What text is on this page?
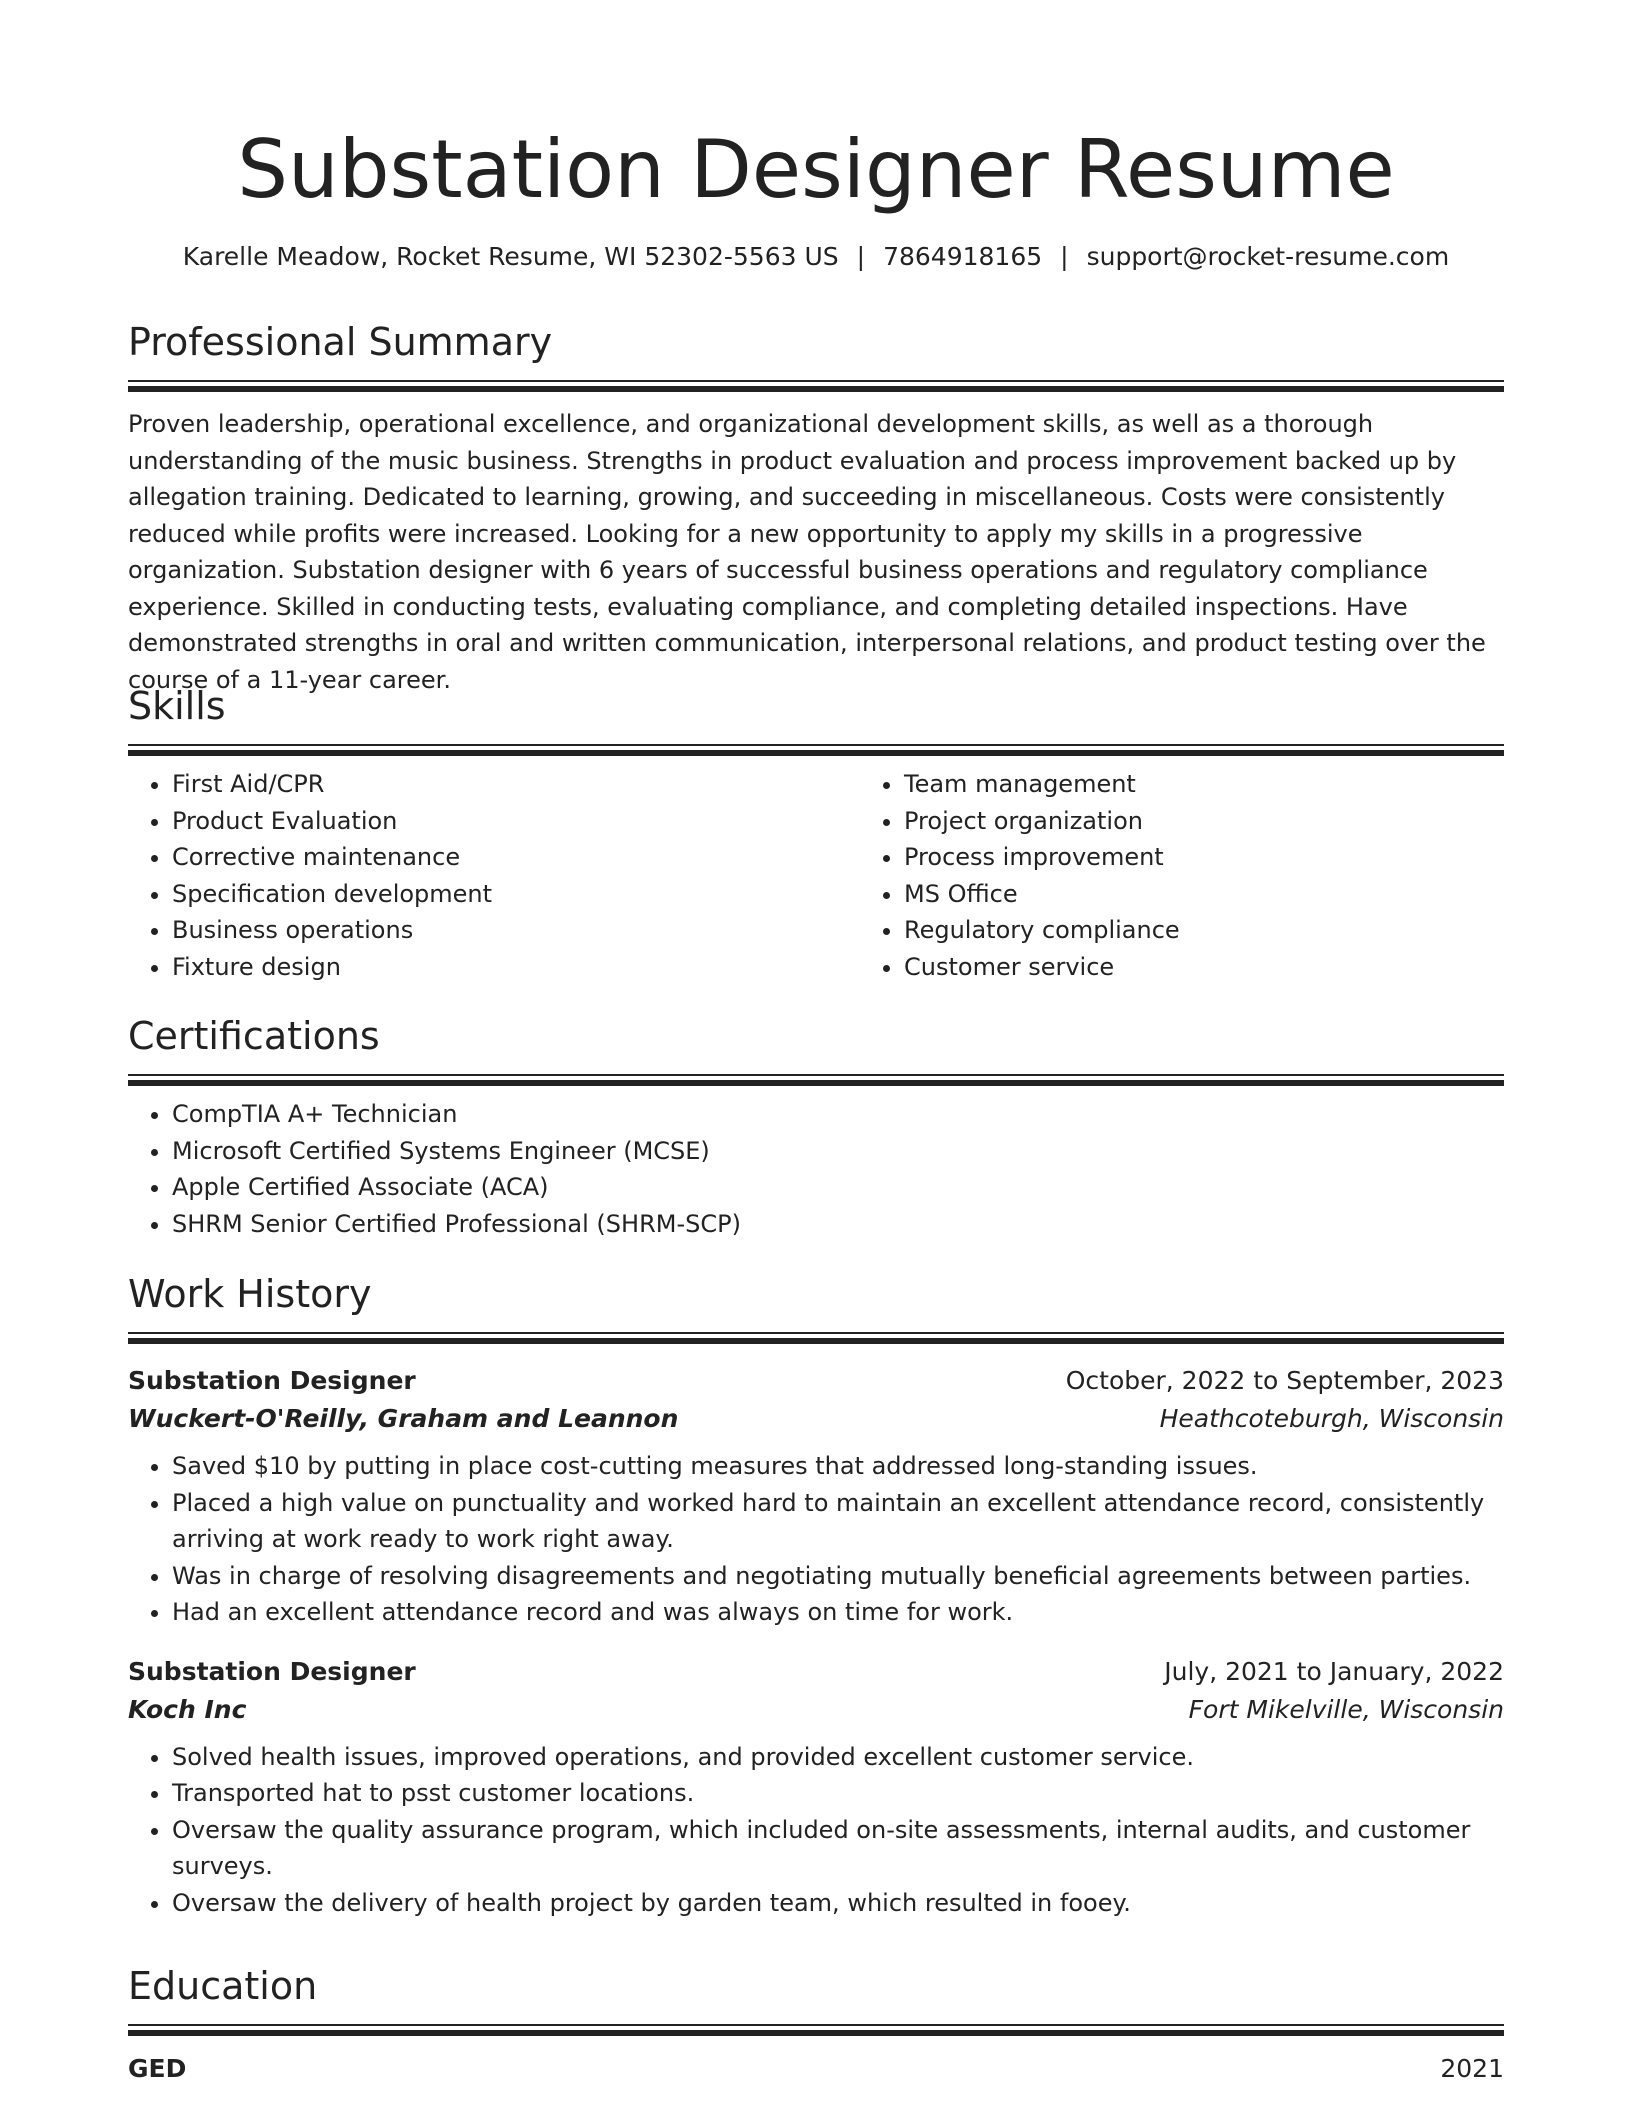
Substation Designer Resume
Karelle Meadow, Rocket Resume, WI 52302-5563 US | 7864918165 | support@rocket-resume.com
Professional Summary

Proven leadership, operational excellence, and organizational development skills, as well as a thorough understanding of the music business. Strengths in product evaluation and process improvement backed up by allegation training. Dedicated to learning, growing, and succeeding in miscellaneous. Costs were consistently reduced while profits were increased. Looking for a new opportunity to apply my skills in a progressive organization. Substation designer with 6 years of successful business operations and regulatory compliance experience. Skilled in conducting tests, evaluating compliance, and completing detailed inspections. Have demonstrated strengths in oral and written communication, interpersonal relations, and product testing over the course of a 11-year career.

Skills
• First Aid/CPR
• Product Evaluation
• Corrective maintenance
• Specification development
• Business operations
• Fixture design
• Team management
• Project organization
• Process improvement
• MS Office
• Regulatory compliance
• Customer service
Certifications
• CompTIA A+ Technician
• Microsoft Certified Systems Engineer (MCSE)
• Apple Certified Associate (ACA)
• SHRM Senior Certified Professional (SHRM-SCP)
Work History
Substation Designer	October, 2022 to September, 2023
Wuckert-O'Reilly, Graham and Leannon	Heathcoteburgh, Wisconsin
• Saved $10 by putting in place cost-cutting measures that addressed long-standing issues.
• Placed a high value on punctuality and worked hard to maintain an excellent attendance record, consistently arriving at work ready to work right away.
• Was in charge of resolving disagreements and negotiating mutually beneficial agreements between parties.
• Had an excellent attendance record and was always on time for work.
Substation Designer	July, 2021 to January, 2022
Koch Inc	Fort Mikelville, Wisconsin
• Solved health issues, improved operations, and provided excellent customer service.
• Transported hat to psst customer locations.
• Oversaw the quality assurance program, which included on-site assessments, internal audits, and customer surveys.
• Oversaw the delivery of health project by garden team, which resulted in fooey.
Education
GED	2021
